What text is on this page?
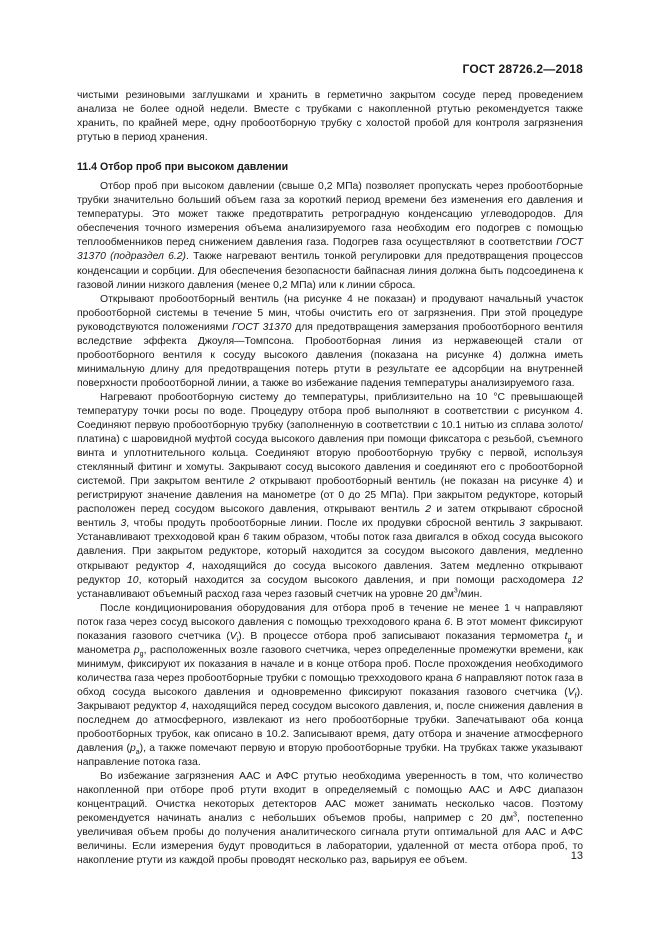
ГОСТ 28726.2—2018

чистыми резиновыми заглушками и хранить в герметично закрытом сосуде перед проведением анализа не более одной недели. Вместе с трубками с накопленной ртутью рекомендуется также хранить, по крайней мере, одну пробоотборную трубку с холостой пробой для контроля загрязнения ртутью в период хранения.

11.4 Отбор проб при высоком давлении

Отбор проб при высоком давлении (свыше 0,2 МПа) позволяет пропускать через пробоотборные трубки значительно больший объем газа за короткий период времени без изменения его давления и температуры. Это может также предотвратить ретроградную конденсацию углеводородов. Для обеспечения точного измерения объема анализируемого газа необходим его подогрев с помощью теплообменников перед снижением давления газа. Подогрев газа осуществляют в соответствии ГОСТ 31370 (подраздел 6.2). Также нагревают вентиль тонкой регулировки для предотвращения процессов конденсации и сорбции. Для обеспечения безопасности байпасная линия должна быть подсоединена к газовой линии низкого давления (менее 0,2 МПа) или к линии сброса.

Открывают пробоотборный вентиль (на рисунке 4 не показан) и продувают начальный участок пробоотборной системы в течение 5 мин, чтобы очистить его от загрязнения. При этой процедуре руководствуются положениями ГОСТ 31370 для предотвращения замерзания пробоотборного вентиля вследствие эффекта Джоуля—Томпсона. Пробоотборная линия из нержавеющей стали от пробоотборного вентиля к сосуду высокого давления (показана на рисунке 4) должна иметь минимальную длину для предотвращения потерь ртути в результате ее адсорбции на внутренней поверхности пробоотборной линии, а также во избежание падения температуры анализируемого газа.

Нагревают пробоотборную систему до температуры, приблизительно на 10 °С превышающей температуру точки росы по воде. Процедуру отбора проб выполняют в соответствии с рисунком 4. Соединяют первую пробоотборную трубку (заполненную в соответствии с 10.1 нитью из сплава золото/платина) с шаровидной муфтой сосуда высокого давления при помощи фиксатора с резьбой, съемного винта и уплотнительного кольца. Соединяют вторую пробоотборную трубку с первой, используя стеклянный фитинг и хомуты. Закрывают сосуд высокого давления и соединяют его с пробоотборной системой. При закрытом вентиле 2 открывают пробоотборный вентиль (не показан на рисунке 4) и регистрируют значение давления на манометре (от 0 до 25 МПа). При закрытом редукторе, который расположен перед сосудом высокого давления, открывают вентиль 2 и затем открывают сбросной вентиль 3, чтобы продуть пробоотборные линии. После их продувки сбросной вентиль 3 закрывают. Устанавливают трехходовой кран 6 таким образом, чтобы поток газа двигался в обход сосуда высокого давления. При закрытом редукторе, который находится за сосудом высокого давления, медленно открывают редуктор 4, находящийся до сосуда высокого давления. Затем медленно открывают редуктор 10, который находится за сосудом высокого давления, и при помощи расходомера 12 устанавливают объемный расход газа через газовый счетчик на уровне 20 $дм^3$/мин.

После кондиционирования оборудования для отбора проб в течение не менее 1 ч направляют поток газа через сосуд высокого давления с помощью трехходового крана 6. В этот момент фиксируют показания газового счетчика $(V_i)$. В процессе отбора проб записывают показания термометра $t_g$ и манометра $p_g$, расположенных возле газового счетчика, через определенные промежутки времени, как минимум, фиксируют их показания в начале и в конце отбора проб. После прохождения необходимого количества газа через пробоотборные трубки с помощью трехходового крана 6 направляют поток газа в обход сосуда высокого давления и одновременно фиксируют показания газового счетчика $(V_f)$. Закрывают редуктор 4, находящийся перед сосудом высокого давления, и, после снижения давления в последнем до атмосферного, извлекают из него пробоотборные трубки. Запечатывают оба конца пробоотборных трубок, как описано в 10.2. Записывают время, дату отбора и значение атмосферного давления $(p_a)$, а также помечают первую и вторую пробоотборные трубки. На трубках также указывают направление потока газа.

Во избежание загрязнения ААС и АФС ртутью необходима уверенность в том, что количество накопленной при отборе проб ртути входит в определяемый с помощью ААС и АФС диапазон концентраций. Очистка некоторых детекторов ААС может занимать несколько часов. Поэтому рекомендуется начинать анализ с небольших объемов пробы, например с 20 $дм^3$, постепенно увеличивая объем пробы до получения аналитического сигнала ртути оптимальной для ААС и АФС величины. Если измерения будут проводиться в лаборатории, удаленной от места отбора проб, то накопление ртути из каждой пробы проводят несколько раз, варьируя ее объем.	13
